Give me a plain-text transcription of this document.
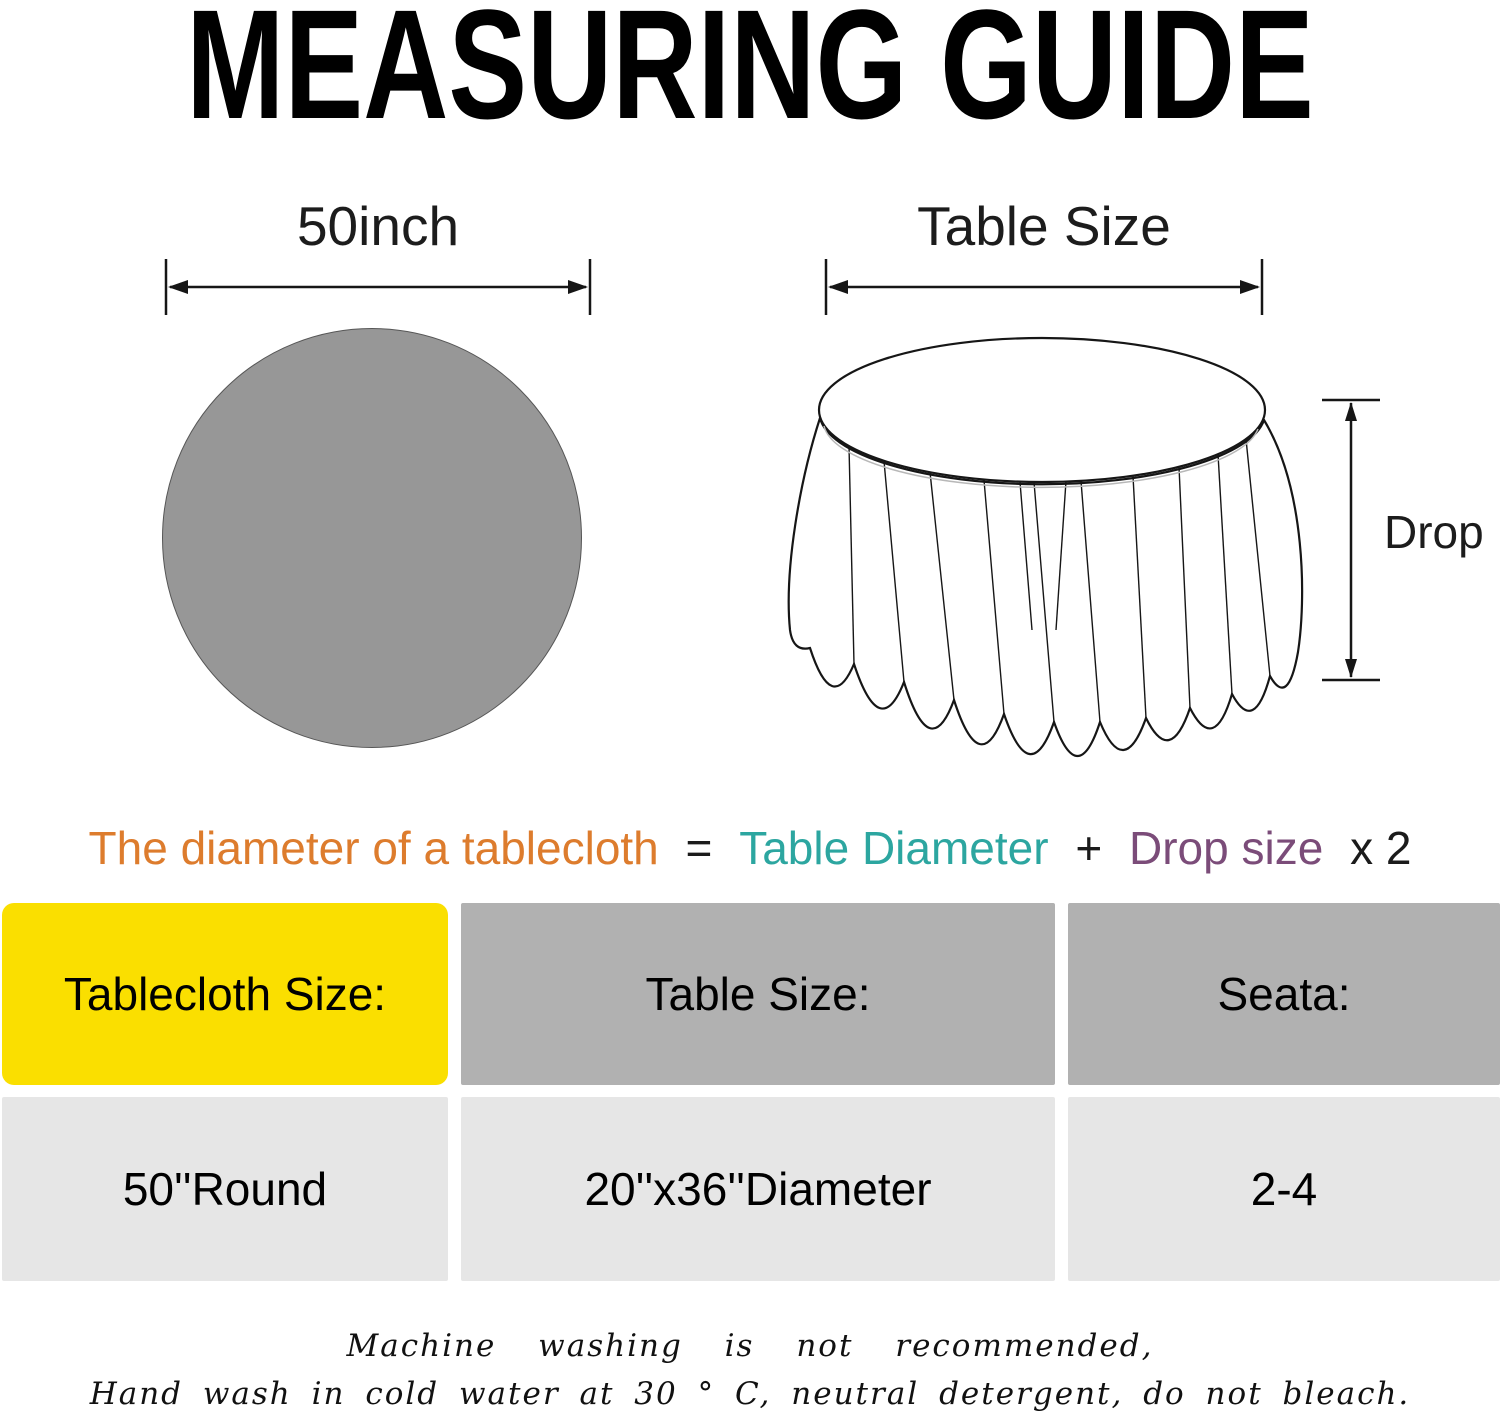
MEASURING GUIDE
50inch	Table Size
Drop
The diameter of a tablecloth = Table Diameter + Drop size x 2
Tablecloth Size:	Table Size:	Seata:
50''Round	20''x36''Diameter	2-4
Machine washing is not recommended,
Hand wash in cold water at 30 ° C, neutral detergent, do not bleach.
